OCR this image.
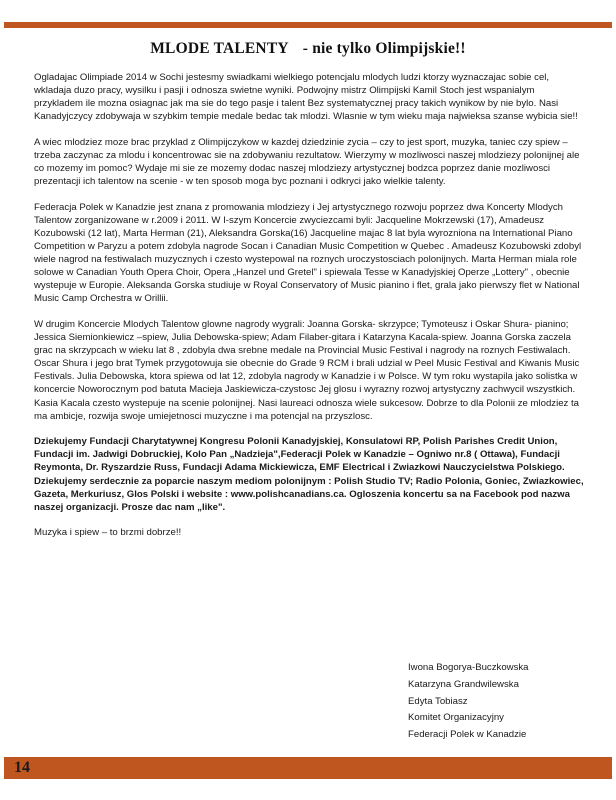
MLODE TALENTY - nie tylko Olimpijskie!!

Ogladajac Olimpiade 2014 w Sochi jestesmy swiadkami wielkiego potencjalu mlodych ludzi ktorzy wyznaczajac sobie cel, wkladaja duzo pracy, wysilku i pasji i odnosza swietne wyniki. Podwojny mistrz Olimpijski Kamil Stoch jest wspanialym przykladem ile mozna osiagnac jak ma sie do tego pasje i talent Bez systematycznej pracy takich wynikow by nie bylo. Nasi Kanadyjczycy zdobywaja w szybkim tempie medale bedac tak mlodzi. Wlasnie w tym wieku maja najwieksa szanse wybicia sie!!

A wiec mlodziez moze brac przyklad z Olimpijczykow w kazdej dziedzinie zycia – czy to jest sport, muzyka, taniec czy spiew – trzeba zaczynac za mlodu i koncentrowac sie na zdobywaniu rezultatow. Wierzymy w mozliwosci naszej mlodziezy polonijnej ale co mozemy im pomoc? Wydaje mi sie ze mozemy dodac naszej mlodziezy artystycznej bodzca poprzez danie mozliwosci prezentacji ich talentow na scenie - w ten sposob moga byc poznani i odkryci jako wielkie talenty.

Federacja Polek w Kanadzie jest znana z promowania mlodziezy i Jej artystycznego rozwoju poprzez dwa Koncerty Mlodych Talentow zorganizowane w r.2009 i 2011. W I-szym Koncercie zwyciezcami byli: Jacqueline Mokrzewski (17), Amadeusz Kozubowski (12 lat), Marta Herman (21), Aleksandra Gorska(16) Jacqueline majac 8 lat byla wyrozniona na International Piano Competition w Paryzu a potem zdobyla nagrode Socan i Canadian Music Competition w Quebec . Amadeusz Kozubowski zdobyl wiele nagrod na festiwalach muzycznych i czesto wystepowal na roznych uroczystosciach polonijnych. Marta Herman miala role solowe w Canadian Youth Opera Choir, Opera „Hanzel und Gretel" i spiewala Tesse w Kanadyjskiej Operze „Lottery" , obecnie wystepuje w Europie. Aleksanda Gorska studiuje w Royal Conservatory of Music pianino i flet, grala jako pierwszy flet w National Music Camp Orchestra w Orillii.

W drugim Koncercie Mlodych Talentow glowne nagrody wygrali: Joanna Gorska- skrzypce; Tymoteusz i Oskar Shura- pianino; Jessica Siemionkiewicz –spiew, Julia Debowska-spiew; Adam Filaber-gitara i Katarzyna Kacala-spiew. Joanna Gorska zaczela grac na skrzypcach w wieku lat 8 , zdobyla dwa srebne medale na Provincial Music Festival i nagrody na roznych Festiwalach. Oscar Shura i jego brat Tymek przygotowuja sie obecnie do Grade 9 RCM i brali udzial w Peel Music Festival and Kiwanis Music Festivals. Julia Debowska, ktora spiewa od lat 12, zdobyla nagrody w Kanadzie i w Polsce. W tym roku wystapila jako solistka w koncercie Noworocznym pod batuta Macieja Jaskiewicza-czystosc Jej glosu i wyrazny rozwoj artystyczny zachwycil wszystkich. Kasia Kacala czesto wystepuje na scenie polonijnej. Nasi laureaci odnosza wiele sukcesow. Dobrze to dla Polonii ze mlodziez ta ma ambicje, rozwija swoje umiejetnosci muzyczne i ma potencjal na przyszlosc.

Dziekujemy Fundacji Charytatywnej Kongresu Polonii Kanadyjskiej, Konsulatowi RP, Polish Parishes Credit Union, Fundacji im. Jadwigi Dobruckiej, Kolo Pan „Nadzieja",Federacji Polek w Kanadzie – Ogniwo nr.8 ( Ottawa), Fundacji Reymonta, Dr. Ryszardzie Russ, Fundacji Adama Mickiewicza, EMF Electrical i Zwiazkowi Nauczycielstwa Polskiego. Dziekujemy serdecznie za poparcie naszym mediom polonijnym : Polish Studio TV; Radio Polonia, Goniec, Zwiazkowiec, Gazeta, Merkuriusz, Glos Polski i website : www.polishcanadians.ca. Ogloszenia koncertu sa na Facebook pod nazwa naszej organizacji. Prosze dac nam „like".

Muzyka i spiew – to brzmi dobrze!!

Iwona Bogorya-Buczkowska
Katarzyna Grandwilewska
Edyta Tobiasz
Komitet Organizacyjny
Federacji Polek w Kanadzie
14
